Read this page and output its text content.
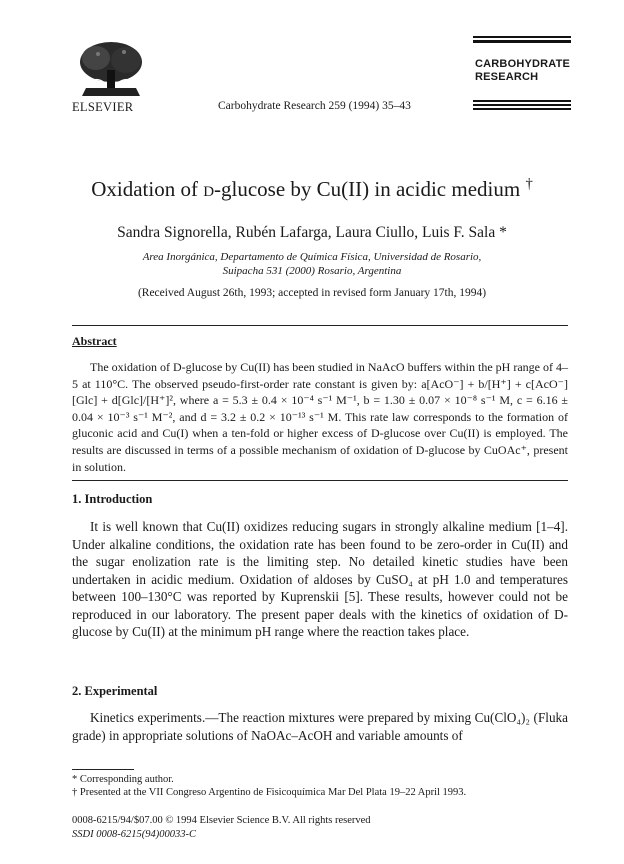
ELSEVIER	Carbohydrate Research 259 (1994) 35–43
CARBOHYDRATE
RESEARCH
Oxidation of d-glucose by Cu(II) in acidic medium †
Sandra Signorella, Rubén Lafarga, Laura Ciullo, Luis F. Sala *
Area Inorgánica, Departamento de Química Física, Universidad de Rosario,
Suipacha 531 (2000) Rosario, Argentina
(Received August 26th, 1993; accepted in revised form January 17th, 1994)
Abstract

The oxidation of D-glucose by Cu(II) has been studied in NaAcO buffers within the pH range of 4–5 at 110°C. The observed pseudo-first-order rate constant is given by: a[AcO⁻] + b/[H⁺] + c[AcO⁻][Glc] + d[Glc]/[H⁺]², where a = 5.3 ± 0.4 × 10⁻⁴ s⁻¹ M⁻¹, b = 1.30 ± 0.07 × 10⁻⁸ s⁻¹ M, c = 6.16 ± 0.04 × 10⁻³ s⁻¹ M⁻², and d = 3.2 ± 0.2 × 10⁻¹³ s⁻¹ M. This rate law corresponds to the formation of gluconic acid and Cu(I) when a ten-fold or higher excess of D-glucose over Cu(II) is employed. The results are discussed in terms of a possible mechanism of oxidation of D-glucose by CuOAc⁺, present in solution.

1. Introduction

It is well known that Cu(II) oxidizes reducing sugars in strongly alkaline medium [1–4]. Under alkaline conditions, the oxidation rate has been found to be zero-order in Cu(II) and the sugar enolization rate is the limiting step. No detailed kinetic studies have been undertaken in acidic medium. Oxidation of aldoses by CuSO₄ at pH 1.0 and temperatures between 100–130°C was reported by Kuprenskii [5]. These results, however could not be reproduced in our laboratory. The present paper deals with the kinetics of oxidation of D-glucose by Cu(II) at the minimum pH range where the reaction takes place.

2. Experimental

Kinetics experiments.—The reaction mixtures were prepared by mixing Cu(ClO₄)₂ (Fluka grade) in appropriate solutions of NaOAc–AcOH and variable amounts of

* Corresponding author.
† Presented at the VII Congreso Argentino de Fisicoquímica Mar Del Plata 19–22 April 1993.
0008-6215/94/$07.00 © 1994 Elsevier Science B.V. All rights reserved
SSDI 0008-6215(94)00033-C
